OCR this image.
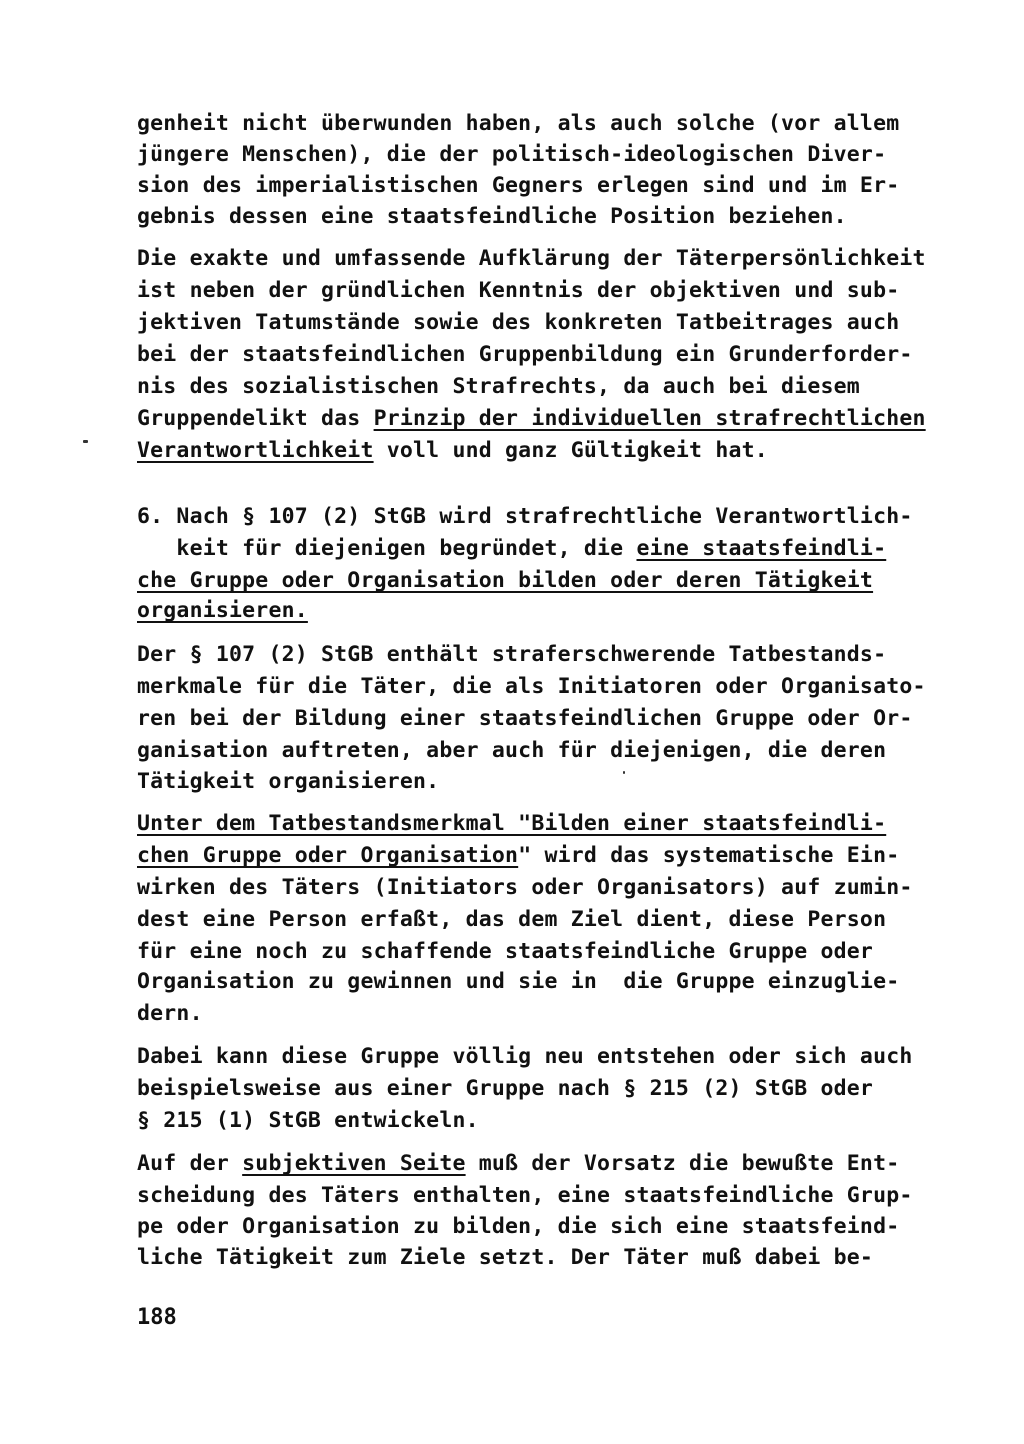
188
genheit nicht überwunden haben, als auch solche (vor allem
jüngere Menschen), die der politisch-ideologischen Diver-
sion des imperialistischen Gegners erlegen sind und im Er-
gebnis dessen eine staatsfeindliche Position beziehen.
Die exakte und umfassende Aufklärung der Täterpersönlichkeit
ist neben der gründlichen Kenntnis der objektiven und sub-
jektiven Tatumstände sowie des konkreten Tatbeitrages auch
bei der staatsfeindlichen Gruppenbildung ein Grunderforder-
nis des sozialistischen Strafrechts, da auch bei diesem
Gruppendelikt das Prinzip der individuellen strafrechtlichen
Verantwortlichkeit voll und ganz Gültigkeit hat.
6. Nach § 107 (2) StGB wird strafrechtliche Verantwortlich-
keit für diejenigen begründet, die eine staatsfeindli-
che Gruppe oder Organisation bilden oder deren Tätigkeit
organisieren.
Der § 107 (2) StGB enthält straferschwerende Tatbestands-
merkmale für die Täter, die als Initiatoren oder Organisato-
ren bei der Bildung einer staatsfeindlichen Gruppe oder Or-
ganisation auftreten, aber auch für diejenigen, die deren
Tätigkeit organisieren.
Unter dem Tatbestandsmerkmal "Bilden einer staatsfeindli-
chen Gruppe oder Organisation" wird das systematische Ein-
wirken des Täters (Initiators oder Organisators) auf zumin-
dest eine Person erfaßt, das dem Ziel dient, diese Person
für eine noch zu schaffende staatsfeindliche Gruppe oder
Organisation zu gewinnen und sie in  die Gruppe einzuglie-
dern.
Dabei kann diese Gruppe völlig neu entstehen oder sich auch
beispielsweise aus einer Gruppe nach § 215 (2) StGB oder
§ 215 (1) StGB entwickeln.
Auf der subjektiven Seite muß der Vorsatz die bewußte Ent-
scheidung des Täters enthalten, eine staatsfeindliche Grup-
pe oder Organisation zu bilden, die sich eine staatsfeind-
liche Tätigkeit zum Ziele setzt. Der Täter muß dabei be-
